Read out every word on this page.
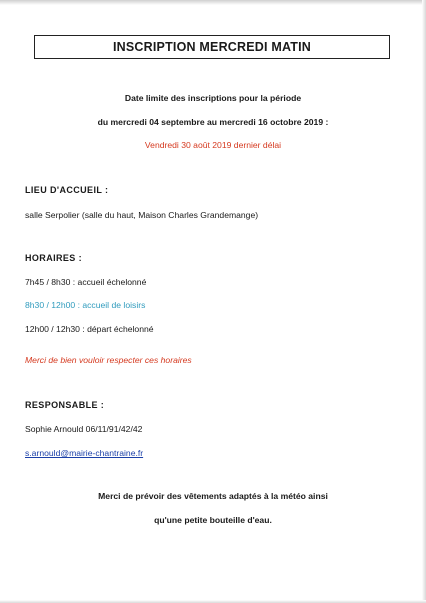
INSCRIPTION MERCREDI MATIN
Date limite des inscriptions pour la période
du mercredi 04 septembre au mercredi 16 octobre 2019 :
Vendredi 30 août 2019 dernier délai
LIEU D'ACCUEIL :
salle Serpolier (salle du haut, Maison Charles Grandemange)
HORAIRES :
7h45 / 8h30 : accueil échelonné
8h30 / 12h00 : accueil de loisirs
12h00 / 12h30 : départ échelonné
Merci de bien vouloir respecter ces horaires
RESPONSABLE :
Sophie Arnould 06/11/91/42/42
s.arnould@mairie-chantraine.fr
Merci de prévoir des vêtements adaptés à la météo ainsi
qu'une petite bouteille d'eau.
